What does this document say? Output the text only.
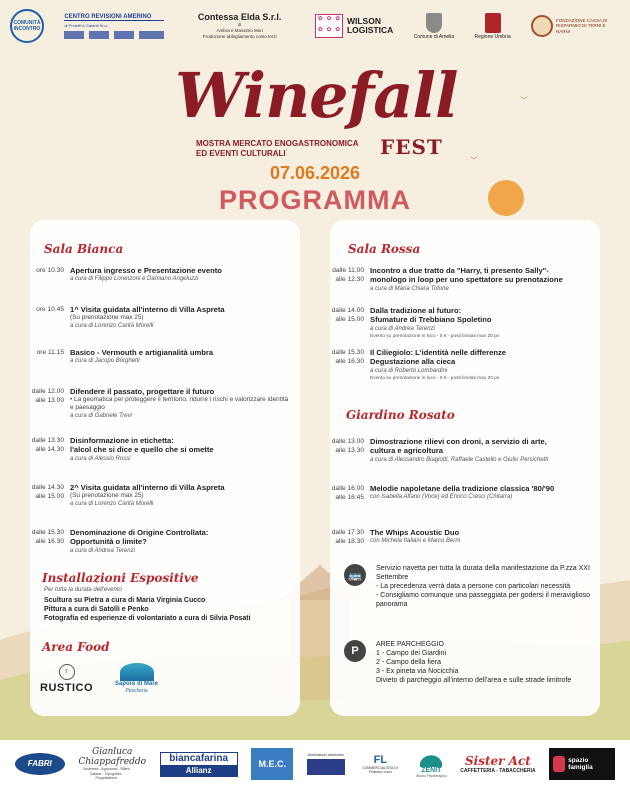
COMUNITÀ INCONTRO
CENTRO REVISIONI AMERINO
di Proietti & Galanti Sn.c
Contessa Elda S.r.l.
di
Ambra e Massimo Mori
Produzione abbigliamento conto terzi
✿ ✿ ✿
✿ ✿ ✿
WILSON
LOGISTICA
Comune di Amelia	Regione Umbria
FONDAZIONE CASSA DI RISPARMIO DI TERNI E NARNI
Winefall
MOSTRA MERCATO ENOGASTRONOMICA
ED EVENTI CULTURALI	FEST
07.06.2026
PROGRAMMA
︶
︶
Sala Bianca
ore 10.30 Apertura ingresso e Presentazione evento
a cura di Filippo Lorenzoni e Damiano Angeluzzi
ore 10.45 1^ Visita guidata all'interno di Villa Aspreta
(Su prenotazione max 25)
a cura di Lorenzo Carità Morelli
ore 11.15 Basico - Vermouth e artigianalità umbra
a cura di Jacopo Borghetti
dalle 12.00
alle 13.00
Difendere il passato, progettare il futuro
• La geomatica per proteggere il territorio, ridurre i rischi e valorizzare identità e paesaggio
a cura di Gabriele Trevi
dalle 13.30
alle 14.30
Disinformazione in etichetta:
l'alcol che si dice e quello che si omette
a cura di Alessio Rossi
dalle 14.30
alle 15.00
2^ Visita guidata all'interno di Villa Aspreta
(Su prenotazione max 25)
a cura di Lorenzo Carità Morelli
dalle 15.30
alle 16.30
Denominazione di Origine Controllata:
Opportunità o limite?
a cura di Andrea Terenzi
Installazioni Espositive
Per tutta la durata dell'evento
Scultura su Pietra a cura di Maria Virginia Cucco
Pittura a cura di Satolli e Penko
Fotografia ed esperienze di volontariato a cura di Silvia Posati
Area Food
r
RUSTICO	Sapore di Mare
Pescheria
Sala Rossa
dalle 11.00
alle 12.30
Incontro a due tratto da "Harry, ti presento Sally"-
monologo in loop per uno spettatore su prenotazione
a cura di Maria Chiara Tofone
dalle 14.00
alle 15.00
Dalla tradizione al futuro:
Sfumature di Trebbiano Spoletino
a cura di Andrea Terenzi
Evento su prenotazione in loco - 5 € - posti limitati max 20 px
dalle 15.30
alle 16.30
Il Ciliegiolo: L'identità nelle differenze
Degustazione alla cieca
a cura di Roberto Lombardini
Evento su prenotazione in loco - 5 € - posti limitati max 20 px
Giardino Rosato
dalle 13.00
alle 13.30
Dimostrazione rilievi con droni, a servizio di arte,
cultura e agricoltura
a cura di Alessandro Biagiotti, Raffaele Castello e Giulio Persichetti
dalle 16.00
alle 16:45
Melodie napoletane della tradizione classica '80/'90
con Isabella Alfano (Voce) ed Enrico Cresci (Chitarra)
dalle 17.30
alle 18.30
The Whips Acoustic Duo
con Michela Italiani e Marco Berni
🚌
Servizio navetta per tutta la durata della manifestazione da P.zza XXI Settembre
- La precedenza verrà data a persone con particolari necessità
- Consigliamo comunque una passeggiata per godersi il meraviglioso panorama
P
AREE PARCHEGGIO
1 - Campo dei Giardini
2 - Campo della fiera
3 - Ex pineta via Nocicchia
Divieto di parcheggio all'interno dell'area e sulle strade limitrofe
FABRI
Gianluca
Chiappafreddo
Geometra - Agronomo - Rilievi Catasto - Topografia - Progettazione
biancafarina
Allianz
M.E.C.
Ambulatorio veterinario	FL
COMMERCIALISTA Dr. Federico Lucci	ZENIT
Studio Fisioterapico
Sister Act
CAFFETTERIA - TABACCHERIA
spazio
famiglia
